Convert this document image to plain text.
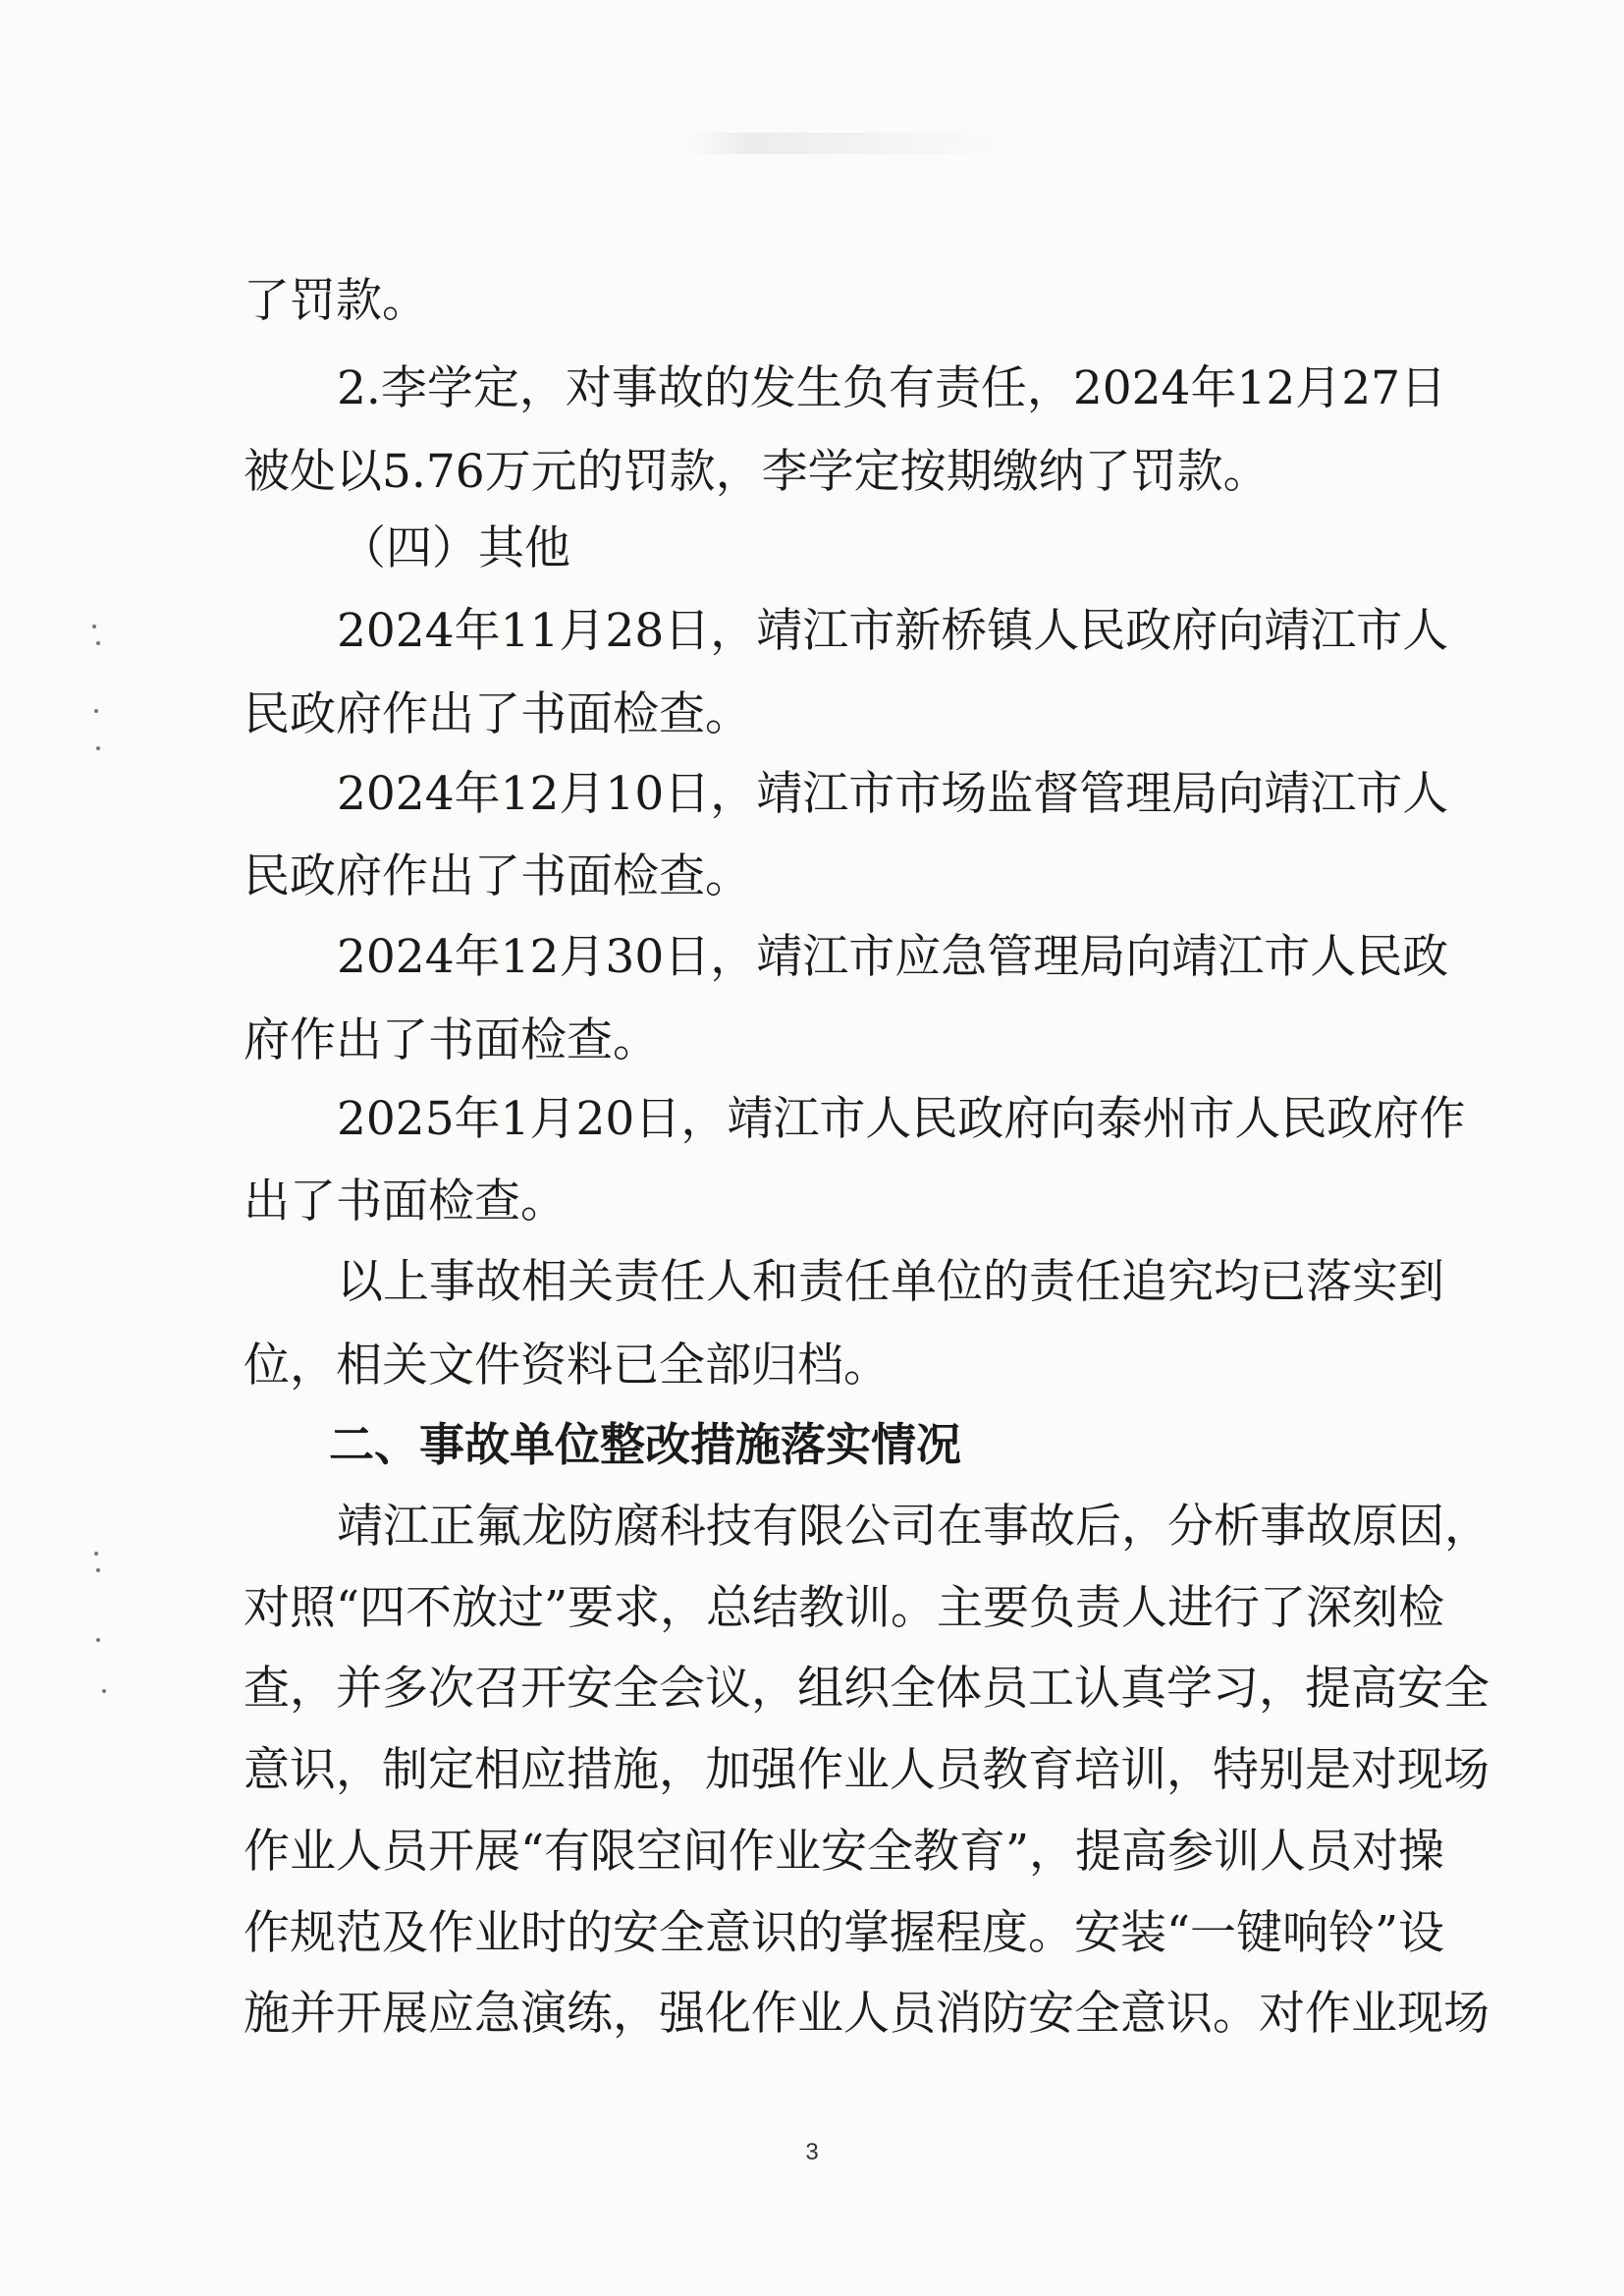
了罚款。
2.李学定，对事故的发生负有责任，2024年12月27日
被处以5.76万元的罚款，李学定按期缴纳了罚款。
（四）其他
2024年11月28日，靖江市新桥镇人民政府向靖江市人
民政府作出了书面检查。
2024年12月10日，靖江市市场监督管理局向靖江市人
民政府作出了书面检查。
2024年12月30日，靖江市应急管理局向靖江市人民政
府作出了书面检查。
2025年1月20日，靖江市人民政府向泰州市人民政府作
出了书面检查。
以上事故相关责任人和责任单位的责任追究均已落实到
位，相关文件资料已全部归档。
二、事故单位整改措施落实情况
靖江正氟龙防腐科技有限公司在事故后，分析事故原因，
对照“四不放过”要求，总结教训。主要负责人进行了深刻检
查，并多次召开安全会议，组织全体员工认真学习，提高安全
意识，制定相应措施，加强作业人员教育培训，特别是对现场
作业人员开展“有限空间作业安全教育”，提高参训人员对操
作规范及作业时的安全意识的掌握程度。安装“一键响铃”设
施并开展应急演练，强化作业人员消防安全意识。对作业现场
3
